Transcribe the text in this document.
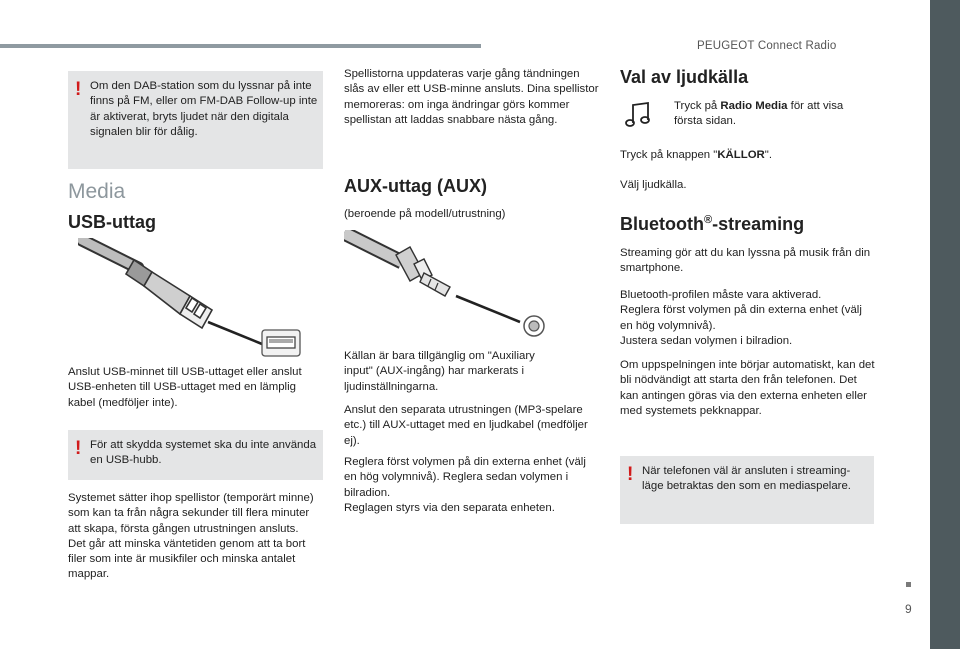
PEUGEOT Connect Radio
9
! Om den DAB-station som du lyssnar på inte finns på FM, eller om FM-DAB Follow-up inte är aktiverat, bryts ljudet när den digitala signalen blir för dålig.

Media
USB-uttag

Anslut USB-minnet till USB-uttaget eller anslut USB-enheten till USB-uttaget med en lämplig kabel (medföljer inte).

! För att skydda systemet ska du inte använda en USB-hubb.

Systemet sätter ihop spellistor (temporärt minne) som kan ta från några sekunder till flera minuter att skapa, första gången utrustningen ansluts.
Det går att minska väntetiden genom att ta bort filer som inte är musikfiler och minska antalet mappar.

Spellistorna uppdateras varje gång tändningen slås av eller ett USB-minne ansluts. Dina spellistor memoreras: om inga ändringar görs kommer spellistan att laddas snabbare nästa gång.

AUX-uttag (AUX)

(beroende på modell/utrustning)

Källan är bara tillgänglig om "Auxiliary input" (AUX-ingång) har markerats i ljudinställningarna.

Anslut den separata utrustningen (MP3-spelare etc.) till AUX-uttaget med en ljudkabel (medföljer ej).

Reglera först volymen på din externa enhet (välj en hög volymnivå). Reglera sedan volymen i bilradion.
Reglagen styrs via den separata enheten.

Val av ljudkälla

Tryck på Radio Media för att visa första sidan.

Tryck på knappen "KÄLLOR".

Välj ljudkälla.

Bluetooth®-streaming

Streaming gör att du kan lyssna på musik från din smartphone.

Bluetooth-profilen måste vara aktiverad.
Reglera först volymen på din externa enhet (välj en hög volymnivå).
Justera sedan volymen i bilradion.

Om uppspelningen inte börjar automatiskt, kan det bli nödvändigt att starta den från telefonen. Det kan antingen göras via den externa enheten eller med systemets pekknappar.

! När telefonen väl är ansluten i streaming-läge betraktas den som en mediaspelare.
